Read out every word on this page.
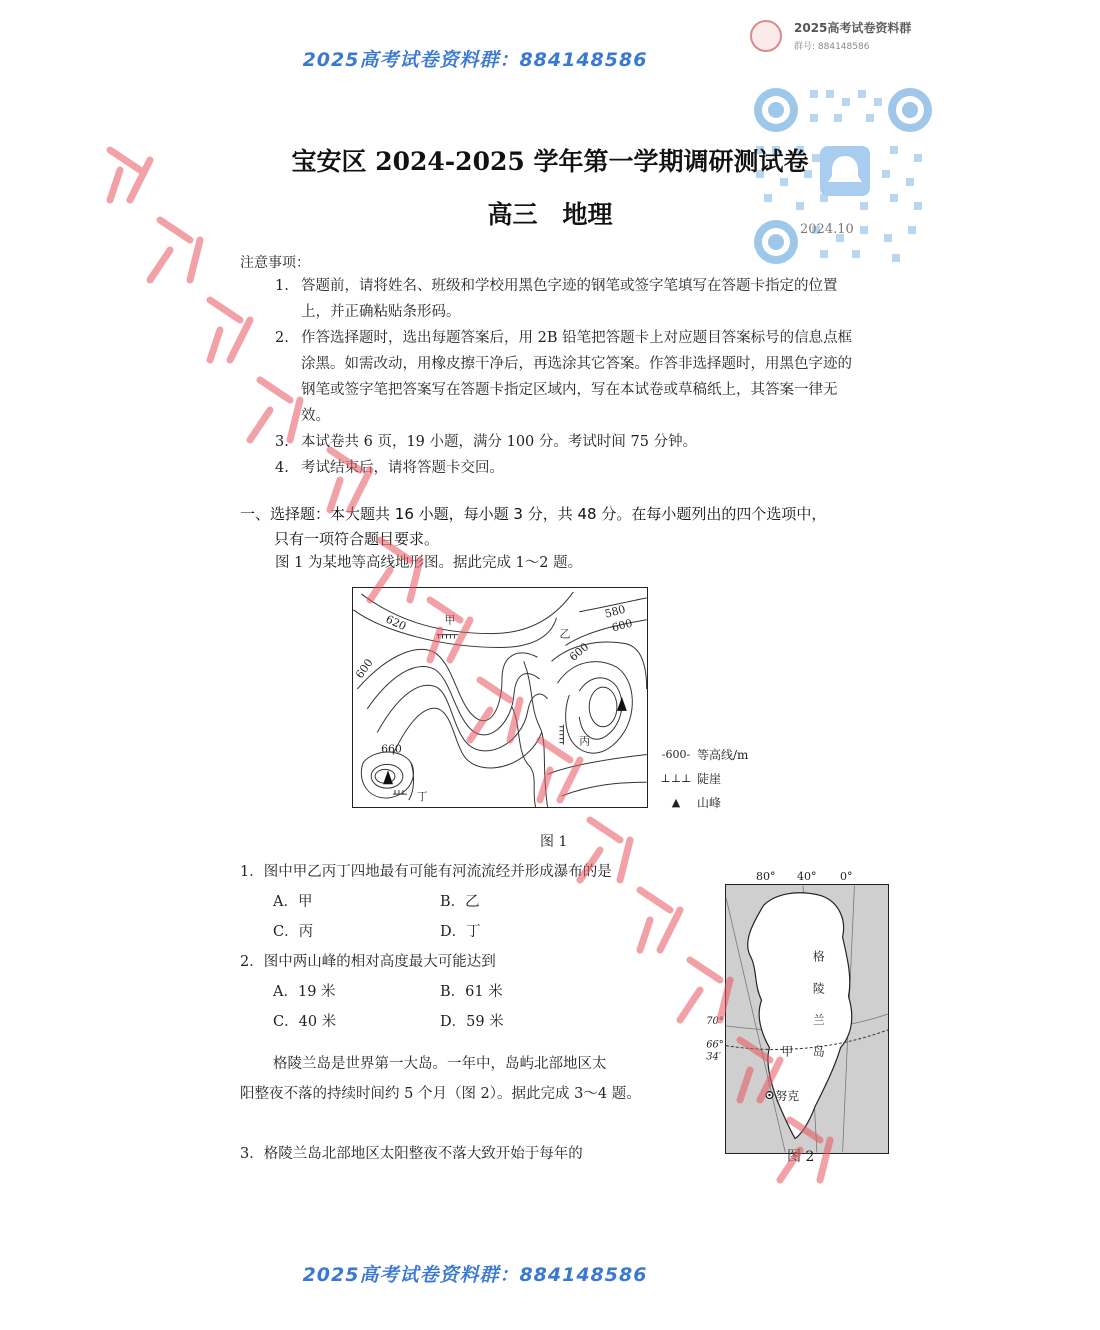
2025高考试卷资料群：884148586
2025高考试卷资料群
群号: 884148586
宝安区 2024-2025 学年第一学期调研测试卷
高三　地理
2024.10
注意事项：
1. 答题前，请将姓名、班级和学校用黑色字迹的钢笔或签字笔填写在答题卡指定的位置上，并正确粘贴条形码。
2. 作答选择题时，选出每题答案后，用 2B 铅笔把答题卡上对应题目答案标号的信息点框涂黑。如需改动，用橡皮擦干净后，再选涂其它答案。作答非选择题时，用黑色字迹的钢笔或签字笔把答案写在答题卡指定区域内，写在本试卷或草稿纸上，其答案一律无效。
3. 本试卷共 6 页，19 小题，满分 100 分。考试时间 75 分钟。
4. 考试结束后，请将答题卡交回。
一、选择题：本大题共 16 小题，每小题 3 分，共 48 分。在每小题列出的四个选项中，
只有一项符合题目要求。
图 1 为某地等高线地形图。据此完成 1～2 题。
620
580
600
600
600
660
甲
乙
丙
丁
-600- 等高线/m
⊥⊥⊥ 陡崖
▲	山峰
图 1
1．图中甲乙丙丁四地最有可能有河流流经并形成瀑布的是
A．甲	B．乙
C．丙	D．丁
2．图中两山峰的相对高度最大可能达到
A．19 米	B．61 米
C．40 米	D．59 米
格陵兰岛是世界第一大岛。一年中，岛屿北部地区太
阳整夜不落的持续时间约 5 个月（图 2）。据此完成 3～4 题。
3．格陵兰岛北部地区太阳整夜不落大致开始于每年的
80° 40° 0°
格
陵
兰
岛
甲
努克
70°
66°
34′
图 2
2025高考试卷资料群：884148586
